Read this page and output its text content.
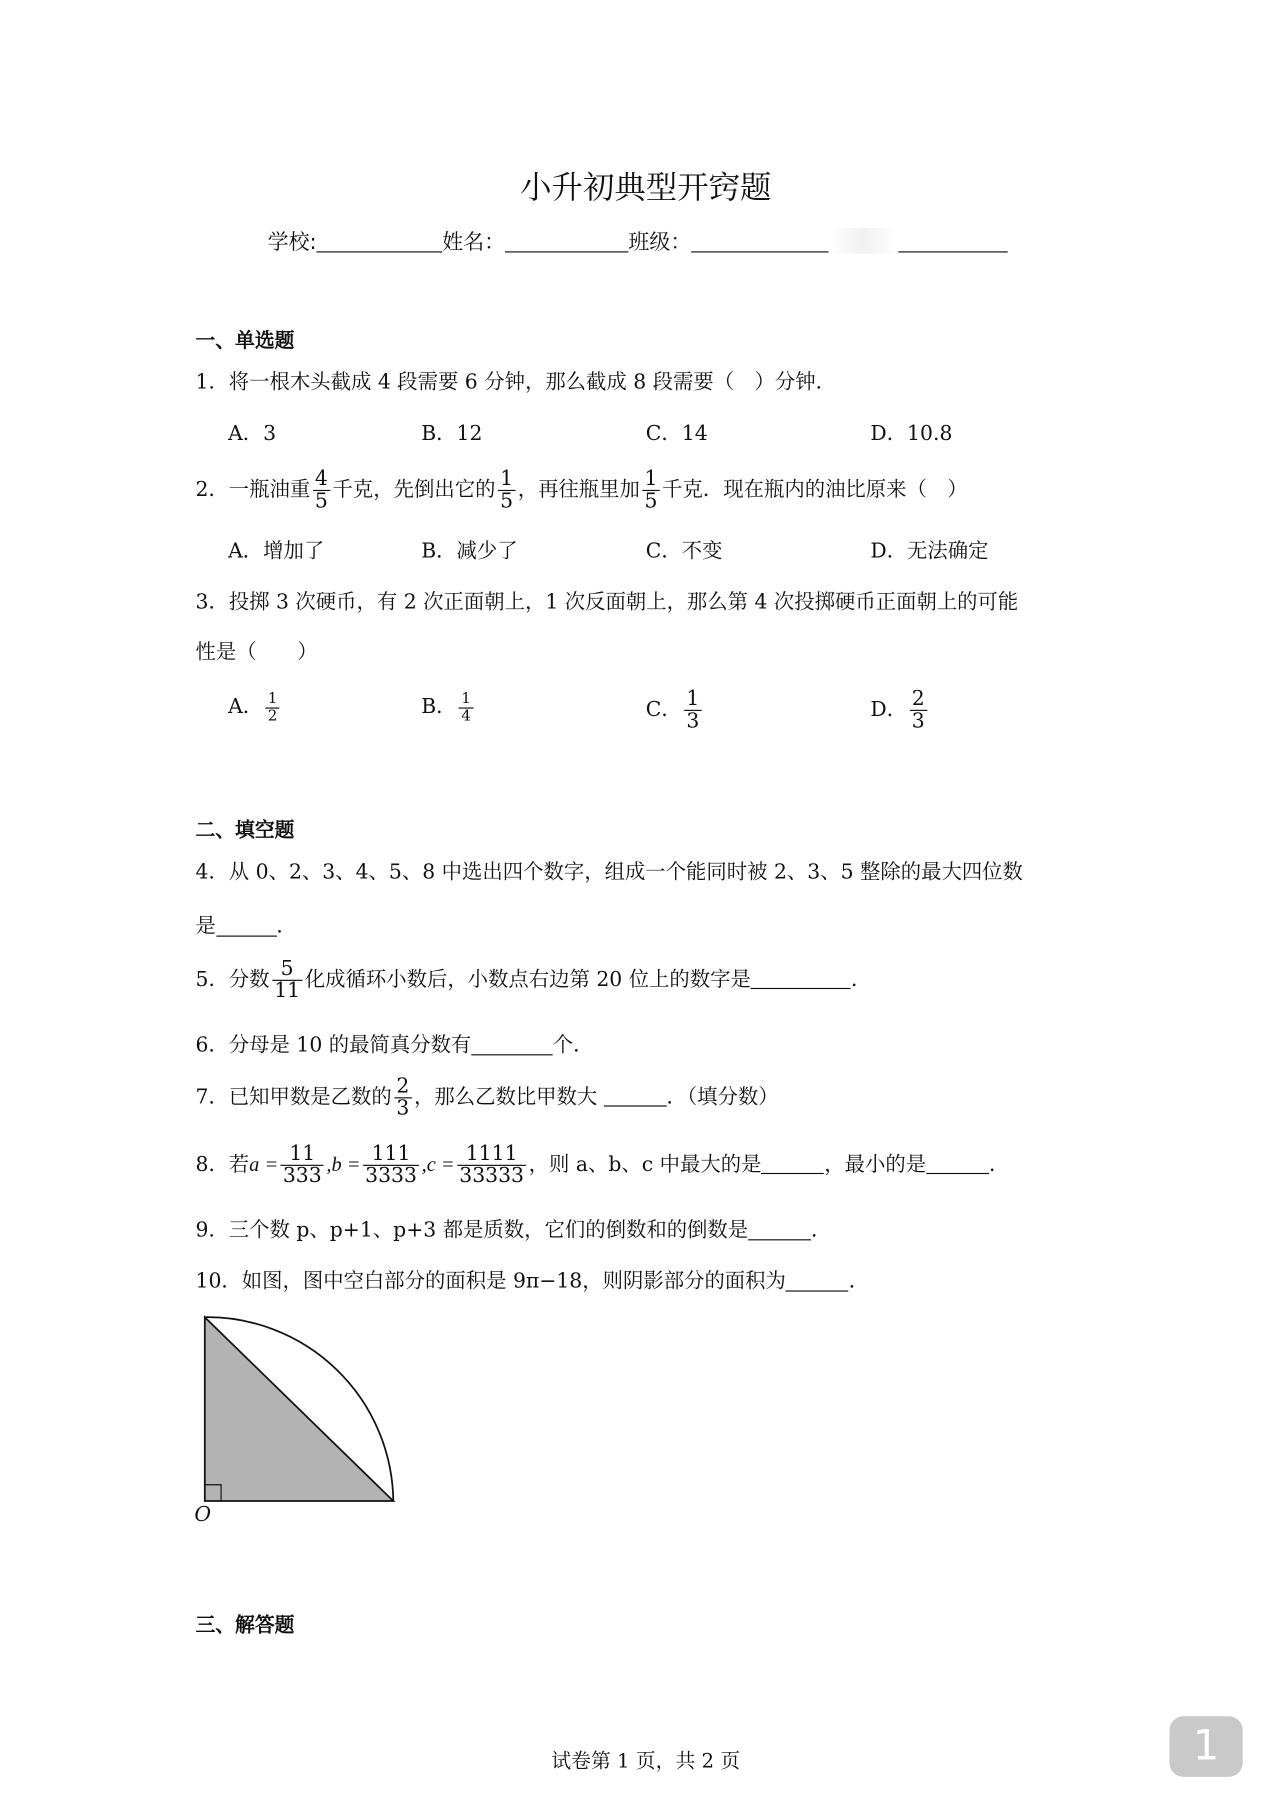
小升初典型开窍题
学校:	姓名：	班级：
一、单选题
1．将一根木头截成 4 段需要 6 分钟，那么截成 8 段需要（　）分钟．
A．3	B．12	C．14	D．10.8
2．一瓶油重 $\frac{4}{5}$ 千克，先倒出它的 $\frac{1}{5}$ ，再往瓶里加 $\frac{1}{5}$ 千克．现在瓶内的油比原来（　）
A．增加了	B．减少了	C．不变	D．无法确定
3．投掷 3 次硬币，有 2 次正面朝上，1 次反面朝上，那么第 4 次投掷硬币正面朝上的可能
性是（　　）
A． $\frac{1}{2}$	B． $\frac{1}{4}$	C． $\frac{1}{3}$	D． $\frac{2}{3}$
二、填空题
4．从 0、2、3、4、5、8 中选出四个数字，组成一个能同时被 2、3、5 整除的最大四位数
是	．
5．分数 $\frac{5}{11}$ 化成循环小数后，小数点右边第 20 位上的数字是	．
6．分母是 10 的最简真分数有	个．
7．已知甲数是乙数的 $\frac{2}{3}$ ，那么乙数比甲数大	．（填分数）
8．若$a = \frac{11}{333} ,b = \frac{111}{3333} ,c = \frac{1111}{33333}$ ，则 a、b、c 中最大的是	，最小的是	．
9．三个数 p、p+1、p+3 都是质数，它们的倒数和的倒数是	．
10．如图，图中空白部分的面积是 9π−18，则阴影部分的面积为	．
O
三、解答题
试卷第 1 页，共 2 页	1
